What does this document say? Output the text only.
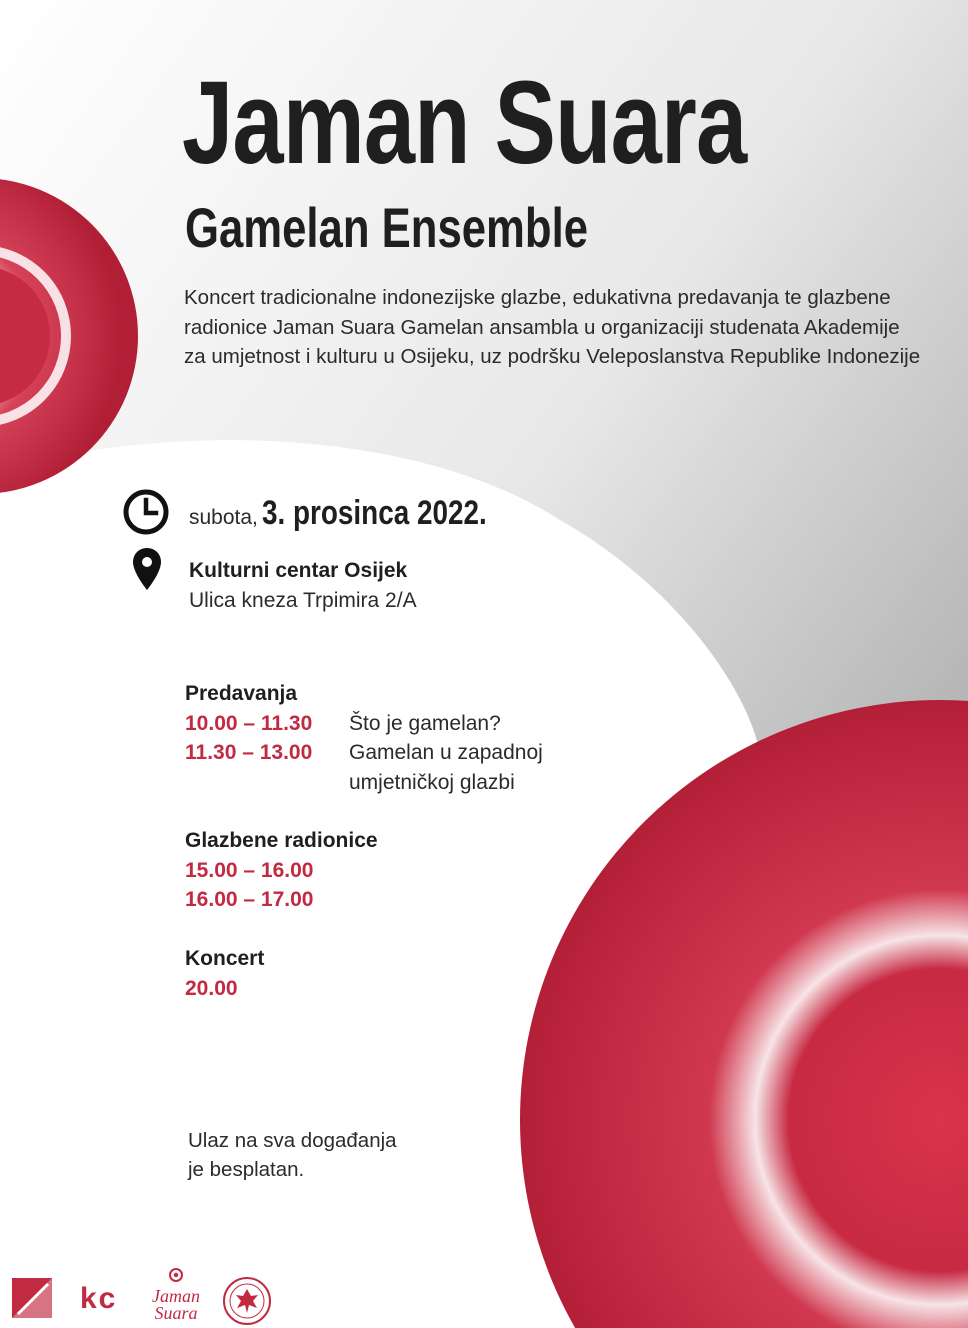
Jaman Suara
Gamelan Ensemble

Koncert tradicionalne indonezijske glazbe, edukativna predavanja te glazbene radionice Jaman Suara Gamelan ansambla u organizaciji studenata Akademije za umjetnost i kulturu u Osijeku, uz podršku Veleposlanstva Republike Indonezije

subota, 3. prosinca 2022.
Kulturni centar Osijek
Ulica kneza Trpimira 2/A
Predavanja
10.00 – 11.30	Što je gamelan?
11.30 – 13.00	Gamelan u zapadnoj
umjetničkoj glazbi
Glazbene radionice
15.00 – 16.00
16.00 – 17.00
Koncert
20.00
Ulaz na sva događanja
je besplatan.
kc	Jaman
Suara
